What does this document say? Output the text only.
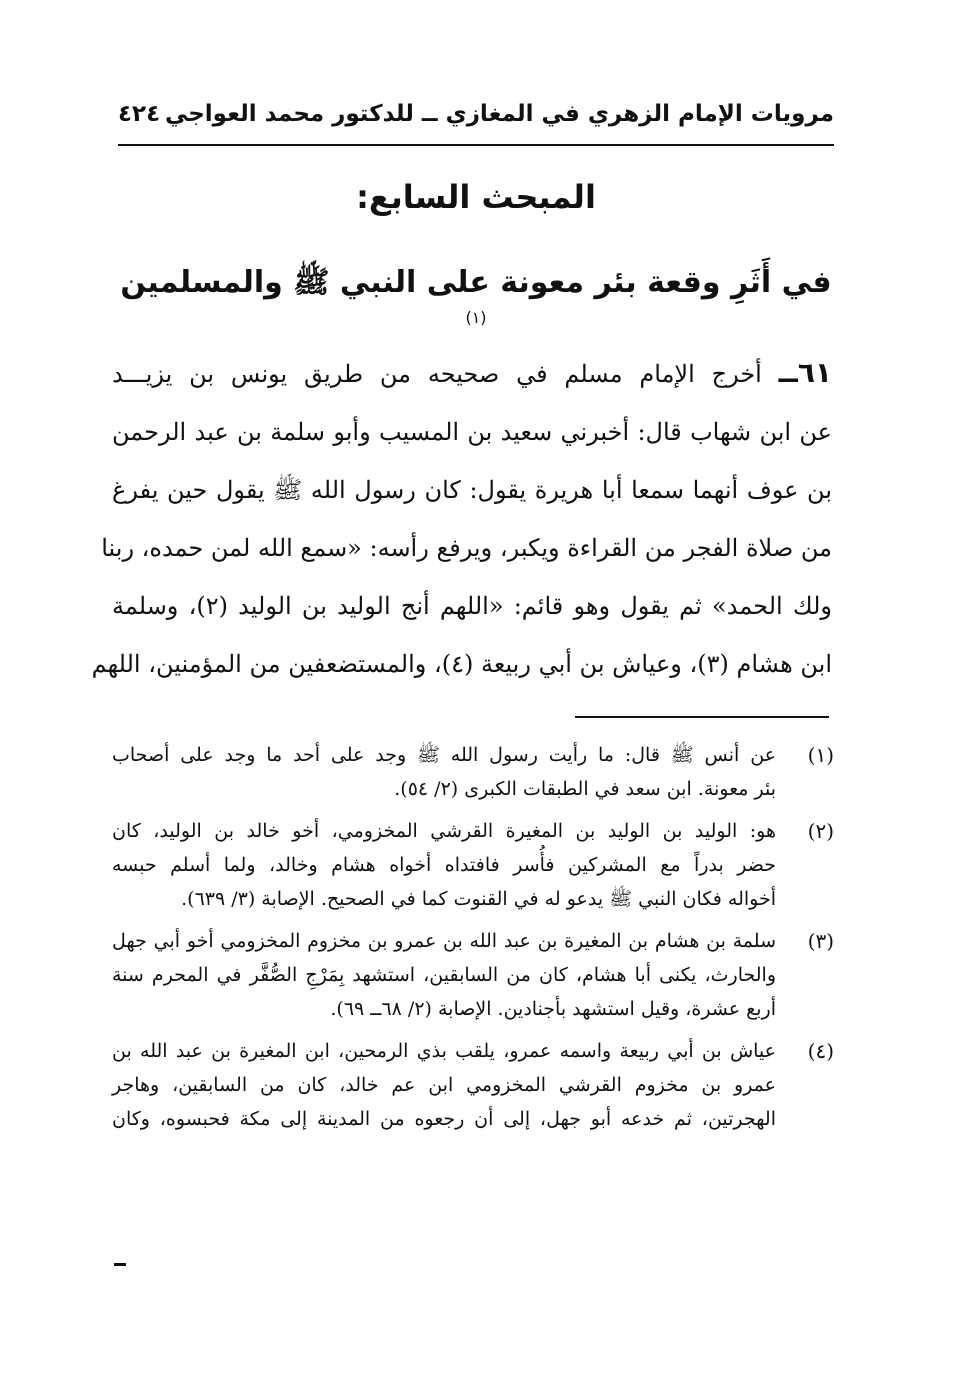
مرويات الإمام الزهري في المغازي ــ للدكتور محمد العواجي
٤٢٤
المبحث السابع:
في أَثَرِ وقعة بئر معونة على النبي ﷺ والمسلمين $^{(١)}$
٦١ــ أخرج الإمام مسلم في صحيحه من طريق يونس بن يزيـــد
عن ابن شهاب قال: أخبرني سعيد بن المسيب وأبو سلمة بن عبد الرحمن
بن عوف أنهما سمعا أبا هريرة يقول: كان رسول الله ﷺ يقول حين يفرغ
من صلاة الفجر من القراءة ويكبر، ويرفع رأسه: «سمع الله لمن حمده، ربنا
ولك الحمد» ثم يقول وهو قائم: «اللهم أنج الوليد بن الوليد (٢)، وسلمة
ابن هشام (٣)، وعياش بن أبي ربيعة (٤)، والمستضعفين من المؤمنين، اللهم
(١)
عن أنس ﷺ قال: ما رأيت رسول الله ﷺ وجد على أحد ما وجد على أصحاب
بئر معونة. ابن سعد في الطبقات الكبرى (٢/ ٥٤).
(٢)
هو: الوليد بن الوليد بن المغيرة القرشي المخزومي، أخو خالد بن الوليد، كان
حضر بدراً مع المشركين فأُسر فافتداه أخواه هشام وخالد، ولما أسلم حبسه
أخواله فكان النبي ﷺ يدعو له في القنوت كما في الصحيح. الإصابة (٣/ ٦٣٩).
(٣)
سلمة بن هشام بن المغيرة بن عبد الله بن عمرو بن مخزوم المخزومي أخو أبي جهل
والحارث، يكنى أبا هشام، كان من السابقين، استشهد بِمَرْجِ الصُّفَّر في المحرم سنة
أربع عشرة، وقيل استشهد بأجنادين. الإصابة (٢/ ٦٨ــ ٦٩).
(٤)
عياش بن أبي ربيعة واسمه عمرو، يلقب بذي الرمحين، ابن المغيرة بن عبد الله بن
عمرو بن مخزوم القرشي المخزومي ابن عم خالد، كان من السابقين، وهاجر
الهجرتين، ثم خدعه أبو جهل، إلى أن رجعوه من المدينة إلى مكة فحبسوه، وكان
